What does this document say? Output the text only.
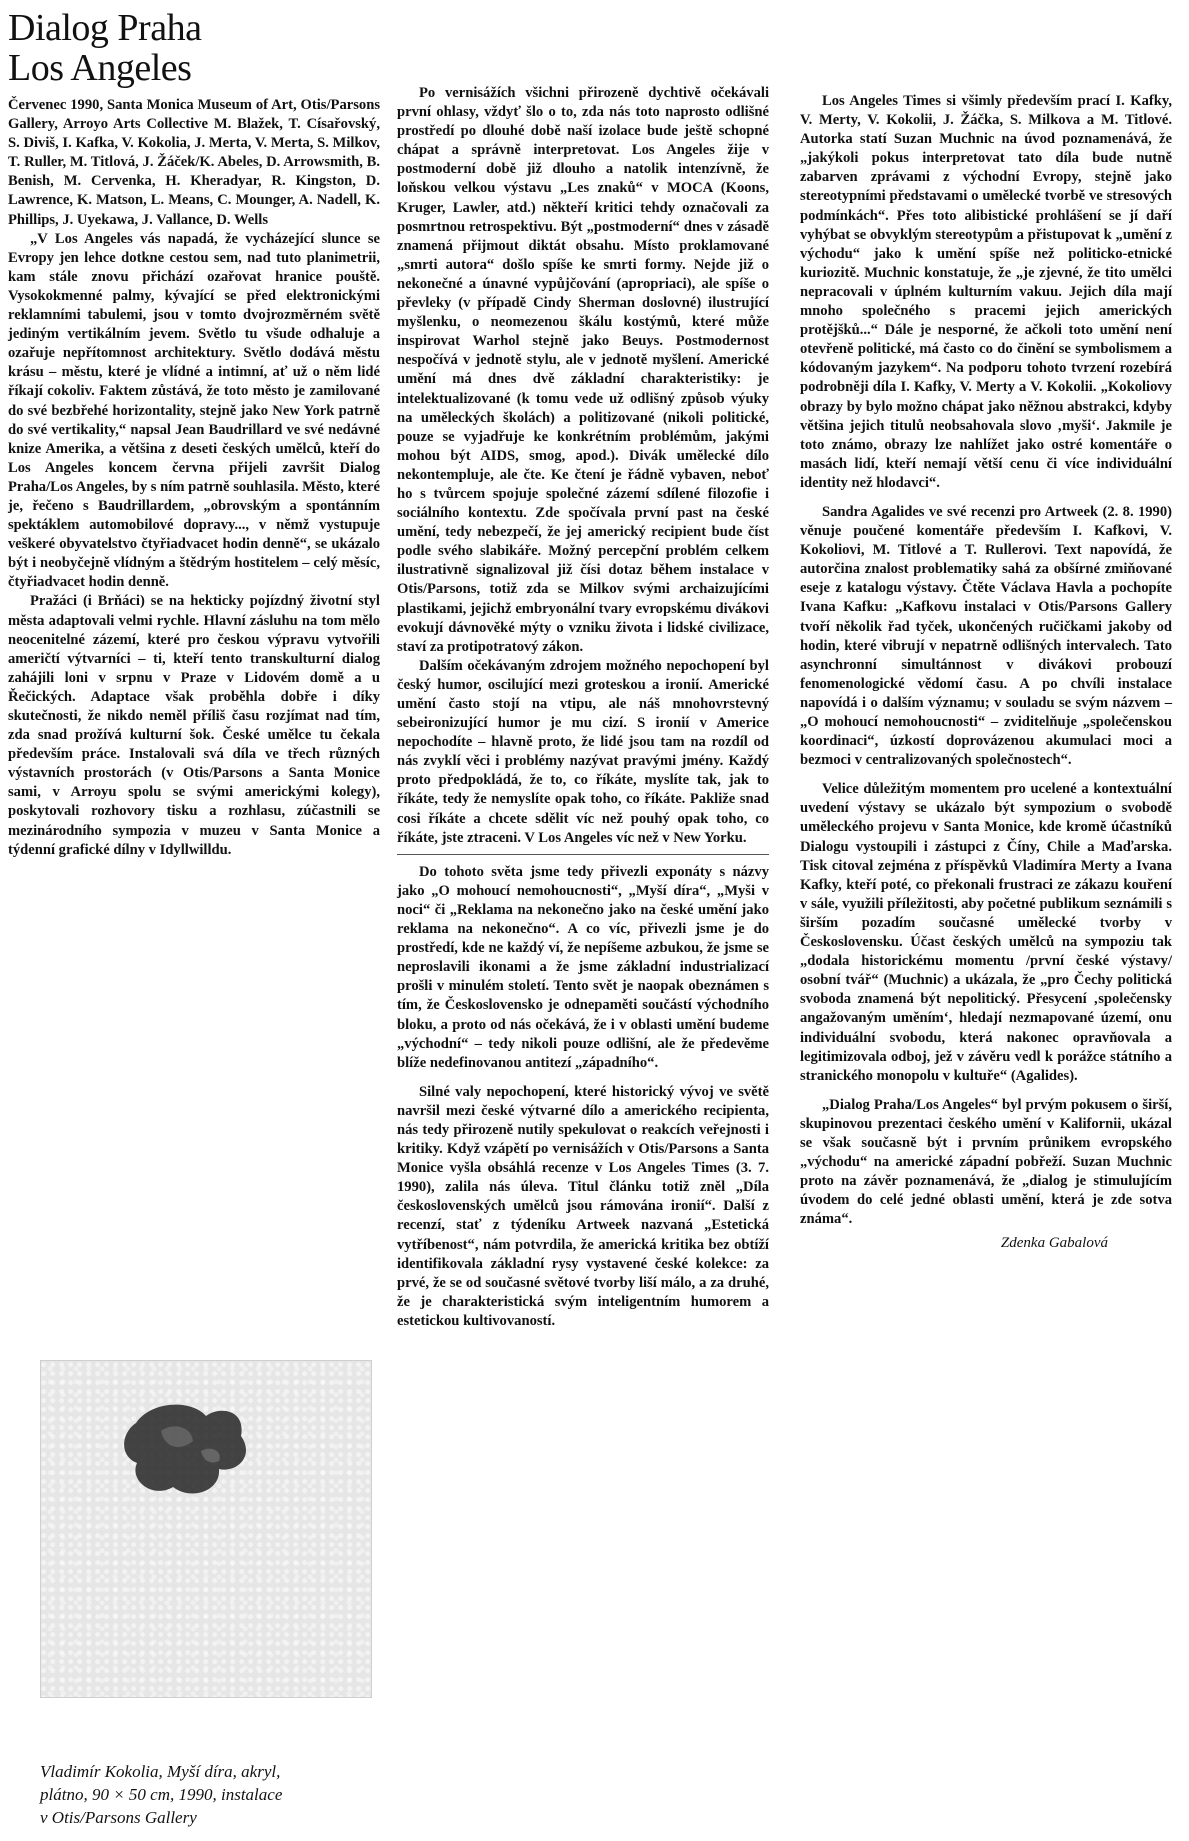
Dialog Praha
Los Angeles

Červenec 1990, Santa Monica Museum of Art, Otis/Parsons Gallery, Arroyo Arts Collective M. Blažek, T. Císařovský, S. Diviš, I. Kafka, V. Kokolia, J. Merta, V. Merta, S. Milkov, T. Ruller, M. Titlová, J. Žáček/K. Abeles, D. Arrowsmith, B. Benish, M. Cervenka, H. Kheradyar, R. Kingston, D. Lawrence, K. Matson, L. Means, C. Mounger, A. Nadell, K. Phillips, J. Uyekawa, J. Vallance, D. Wells

„V Los Angeles vás napadá, že vycházející slunce se Evropy jen lehce dotkne cestou sem, nad tuto planimetrii, kam stále znovu přichází ozařovat hranice pouště. Vysokokmenné palmy, kývající se před elektronickými reklamními tabulemi, jsou v tomto dvojrozměrném světě jediným vertikálním jevem. Světlo tu všude odhaluje a ozařuje nepřítomnost architektury. Světlo dodává městu krásu – městu, které je vlídné a intimní, ať už o něm lidé říkají cokoliv. Faktem zůstává, že toto město je zamilované do své bezbřehé horizontality, stejně jako New York patrně do své vertikality,“ napsal Jean Baudrillard ve své nedávné knize Amerika, a většina z deseti českých umělců, kteří do Los Angeles koncem června přijeli završit Dialog Praha/Los Angeles, by s ním patrně souhlasila. Město, které je, řečeno s Baudrillardem, „obrovským a spontánním spektáklem automobilové dopravy..., v němž vystupuje veškeré obyvatelstvo čtyřiadvacet hodin denně“, se ukázalo být i neobyčejně vlídným a štědrým hostitelem – celý měsíc, čtyřiadvacet hodin denně.

Pražáci (i Brňáci) se na hekticky pojízdný životní styl města adaptovali velmi rychle. Hlavní zásluhu na tom mělo neocenitelné zázemí, které pro českou výpravu vytvořili američtí výtvarníci – ti, kteří tento transkulturní dialog zahájili loni v srpnu v Praze v Lidovém domě a u Řečických. Adaptace však proběhla dobře i díky skutečnosti, že nikdo neměl příliš času rozjímat nad tím, zda snad prožívá kulturní šok. České umělce tu čekala především práce. Instalovali svá díla ve třech různých výstavních prostorách (v Otis/Parsons a Santa Monice sami, v Arroyu spolu se svými americkými kolegy), poskytovali rozhovory tisku a rozhlasu, zúčastnili se mezinárodního sympozia v muzeu v Santa Monice a týdenní grafické dílny v Idyllwilldu.

Vladimír Kokolia, Myší díra, akryl,
plátno, 90 × 50 cm, 1990, instalace
v Otis/Parsons Gallery

Po vernisážích všichni přirozeně dychtivě očekávali první ohlasy, vždyť šlo o to, zda nás toto naprosto odlišné prostředí po dlouhé době naší izolace bude ještě schopné chápat a správně interpretovat. Los Angeles žije v postmoderní době již dlouho a natolik intenzívně, že loňskou velkou výstavu „Les znaků“ v MOCA (Koons, Kruger, Lawler, atd.) někteří kritici tehdy označovali za posmrtnou retrospektivu. Být „postmoderní“ dnes v zásadě znamená přijmout diktát obsahu. Místo proklamované „smrti autora“ došlo spíše ke smrti formy. Nejde již o nekonečné a únavné vypůjčování (apropriaci), ale spíše o převleky (v případě Cindy Sherman doslovné) ilustrující myšlenku, o neomezenou škálu kostýmů, které může inspirovat Warhol stejně jako Beuys. Postmodernost nespočívá v jednotě stylu, ale v jednotě myšlení. Americké umění má dnes dvě základní charakteristiky: je intelektualizované (k tomu vede už odlišný způsob výuky na uměleckých školách) a politizované (nikoli politické, pouze se vyjadřuje ke konkrétním problémům, jakými mohou být AIDS, smog, apod.). Divák umělecké dílo nekontempluje, ale čte. Ke čtení je řádně vybaven, neboť ho s tvůrcem spojuje společné zázemí sdílené filozofie i sociálního kontextu. Zde spočívala první past na české umění, tedy nebezpečí, že jej americký recipient bude číst podle svého slabikáře. Možný percepční problém celkem ilustrativně signalizoval již čísi dotaz během instalace v Otis/Parsons, totiž zda se Milkov svými archaizujícími plastikami, jejichž embryonální tvary evropskému divákovi evokují dávnověké mýty o vzniku života i lidské civilizace, staví za protipotratový zákon.

Dalším očekávaným zdrojem možného nepochopení byl český humor, oscilující mezi groteskou a ironií. Americké umění často stojí na vtipu, ale náš mnohovrstevný sebeironizující humor je mu cizí. S ironií v Americe nepochodíte – hlavně proto, že lidé jsou tam na rozdíl od nás zvyklí věci i problémy nazývat pravými jmény. Každý proto předpokládá, že to, co říkáte, myslíte tak, jak to říkáte, tedy že nemyslíte opak toho, co říkáte. Pakliže snad cosi říkáte a chcete sdělit víc než pouhý opak toho, co říkáte, jste ztraceni. V Los Angeles víc než v New Yorku.

Do tohoto světa jsme tedy přivezli exponáty s názvy jako „O mohoucí nemohoucnosti“, „Myší díra“, „Myši v noci“ či „Reklama na nekonečno jako na české umění jako reklama na nekonečno“. A co víc, přivezli jsme je do prostředí, kde ne každý ví, že nepíšeme azbukou, že jsme se neproslavili ikonami a že jsme základní industrializací prošli v minulém století. Tento svět je naopak obeznámen s tím, že Československo je odnepaměti součástí východního bloku, a proto od nás očekává, že i v oblasti umění budeme „východní“ – tedy nikoli pouze odlišní, ale že předevěme blíže nedefinovanou antitezí „západního“.

Silné valy nepochopení, které historický vývoj ve světě navršil mezi české výtvarné dílo a amerického recipienta, nás tedy přirozeně nutily spekulovat o reakcích veřejnosti i kritiky. Když vzápětí po vernisážích v Otis/Parsons a Santa Monice vyšla obsáhlá recenze v Los Angeles Times (3. 7. 1990), zalila nás úleva. Titul článku totiž zněl „Díla československých umělců jsou rámována ironií“. Další z recenzí, stať z týdeníku Artweek nazvaná „Estetická vytříbenost“, nám potvrdila, že americká kritika bez obtíží identifikovala základní rysy vystavené české kolekce: za prvé, že se od současné světové tvorby liší málo, a za druhé, že je charakteristická svým inteligentním humorem a estetickou kultivovaností.

Los Angeles Times si všimly především prací I. Kafky, V. Merty, V. Kokolii, J. Žáčka, S. Milkova a M. Titlové. Autorka statí Suzan Muchnic na úvod poznamenává, že „jakýkoli pokus interpretovat tato díla bude nutně zabarven zprávami z východní Evropy, stejně jako stereotypními představami o umělecké tvorbě ve stresových podmínkách“. Přes toto alibistické prohlášení se jí daří vyhýbat se obvyklým stereotypům a přistupovat k „umění z východu“ jako k umění spíše než politicko-etnické kuriozitě. Muchnic konstatuje, že „je zjevné, že tito umělci nepracovali v úplném kulturním vakuu. Jejich díla mají mnoho společného s pracemi jejich amerických protějšků...“ Dále je nesporné, že ačkoli toto umění není otevřeně politické, má často co do činění se symbolismem a kódovaným jazykem“. Na podporu tohoto tvrzení rozebírá podrobněji díla I. Kafky, V. Merty a V. Kokolii. „Kokoliovy obrazy by bylo možno chápat jako něžnou abstrakci, kdyby většina jejich titulů neobsahovala slovo ‚myši‘. Jakmile je toto známo, obrazy lze nahlížet jako ostré komentáře o masách lidí, kteří nemají větší cenu či více individuální identity než hlodavci“.

Sandra Agalides ve své recenzi pro Artweek (2. 8. 1990) věnuje poučené komentáře především I. Kafkovi, V. Kokoliovi, M. Titlové a T. Rullerovi. Text napovídá, že autorčina znalost problematiky sahá za obšírné zmiňované eseje z katalogu výstavy. Čtěte Václava Havla a pochopíte Ivana Kafku: „Kafkovu instalaci v Otis/Parsons Gallery tvoří několik řad tyček, ukončených ručičkami jakoby od hodin, které vibrují v nepatrně odlišných intervalech. Tato asynchronní simultánnost v divákovi probouzí fenomenologické vědomí času. A po chvíli instalace napovídá i o dalším významu; v souladu se svým názvem – „O mohoucí nemohoucnosti“ – zviditelňuje „společenskou koordinaci“, úzkostí doprovázenou akumulaci moci a bezmoci v centralizovaných společnostech“.

Velice důležitým momentem pro ucelené a kontextuální uvedení výstavy se ukázalo být sympozium o svobodě uměleckého projevu v Santa Monice, kde kromě účastníků Dialogu vystoupili i zástupci z Číny, Chile a Maďarska. Tisk citoval zejména z příspěvků Vladimíra Merty a Ivana Kafky, kteří poté, co překonali frustraci ze zákazu kouření v sále, využili příležitosti, aby početné publikum seznámili s širším pozadím současné umělecké tvorby v Československu. Účast českých umělců na sympoziu tak „dodala historickému momentu /první české výstavy/ osobní tvář“ (Muchnic) a ukázala, že „pro Čechy politická svoboda znamená být nepolitický. Přesycení ‚společensky angažovaným uměním‘, hledají nezmapované území, onu individuální svobodu, která nakonec opravňovala a legitimizovala odboj, jež v závěru vedl k porážce státního a stranického monopolu v kultuře“ (Agalides).

„Dialog Praha/Los Angeles“ byl prvým pokusem o širší, skupinovou prezentaci českého umění v Kalifornii, ukázal se však současně být i prvním průnikem evropského „východu“ na americké západní pobřeží. Suzan Muchnic proto na závěr poznamenává, že „dialog je stimulujícím úvodem do celé jedné oblasti umění, která je zde sotva známa“.

Zdenka Gabalová
